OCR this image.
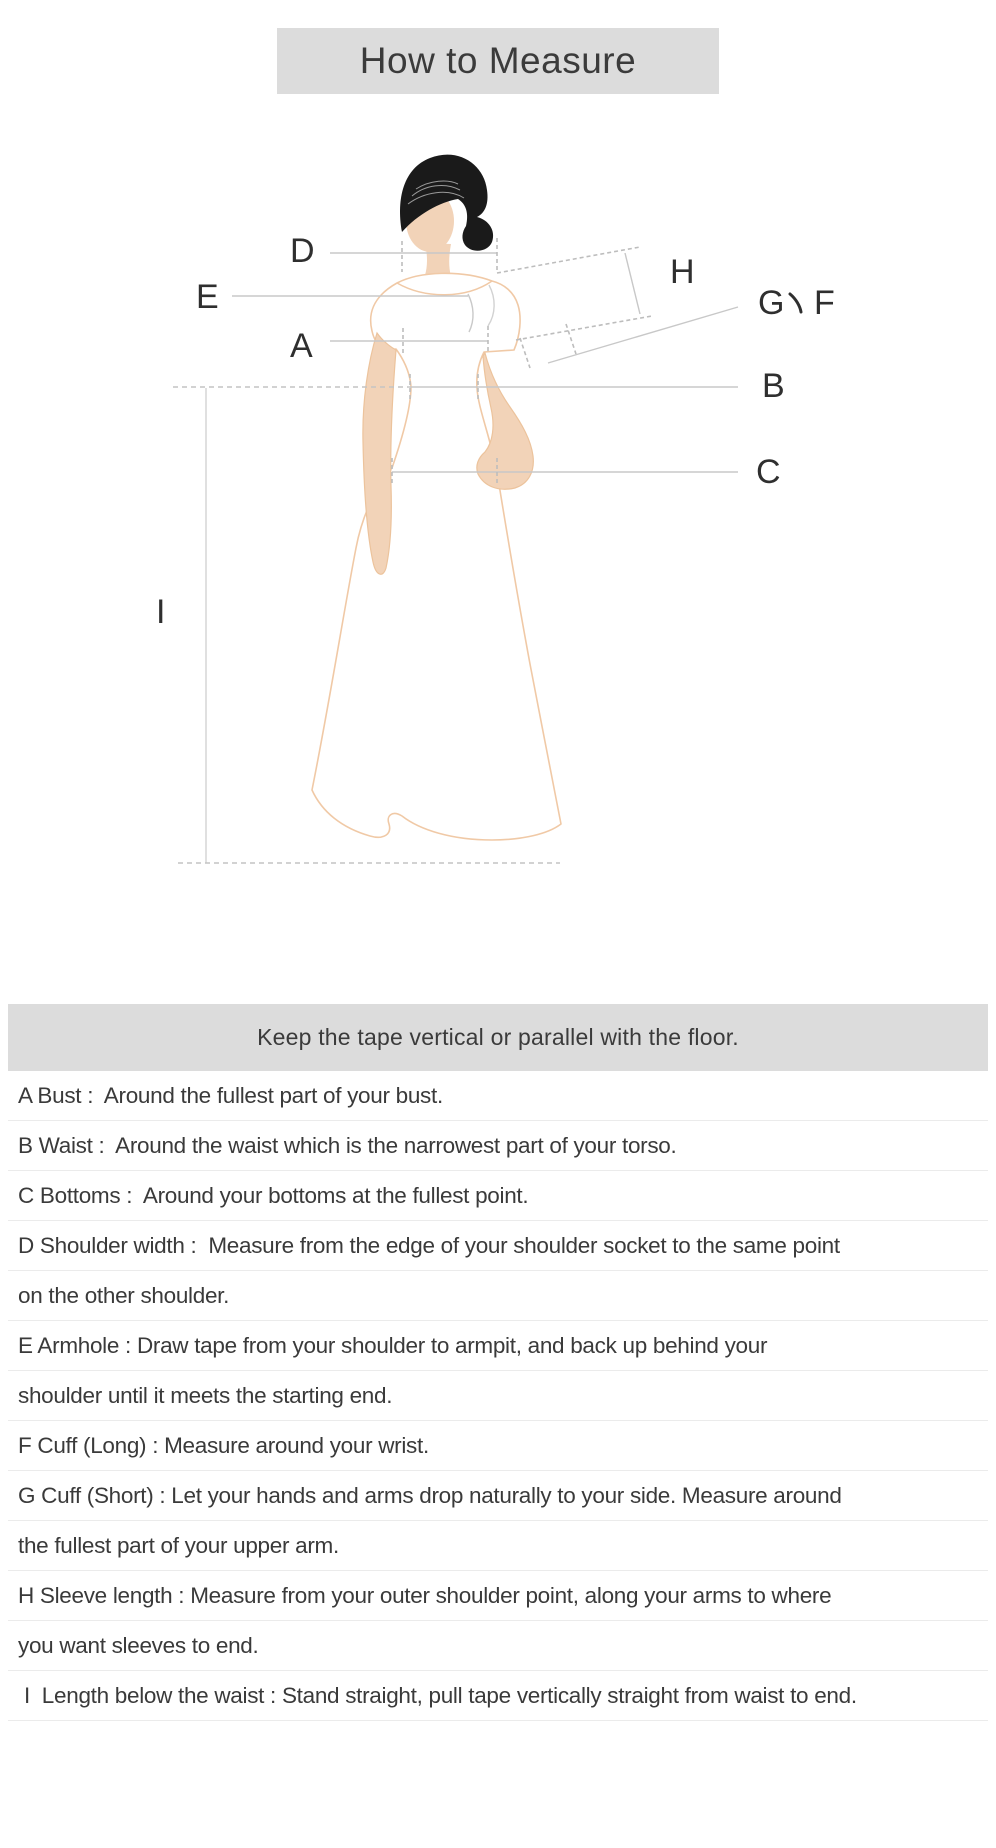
D
E
A
H
G F
B
C
I
How to Measure
Keep the tape vertical or parallel with the floor.
A Bust :  Around the fullest part of your bust.
B Waist :  Around the waist which is the narrowest part of your torso.
C Bottoms :  Around your bottoms at the fullest point.
D Shoulder width :  Measure from the edge of your shoulder socket to the same point
on the other shoulder.
E Armhole : Draw tape from your shoulder to armpit, and back up behind your
shoulder until it meets the starting end.
F Cuff (Long) : Measure around your wrist.
G Cuff (Short) : Let your hands and arms drop naturally to your side. Measure around
the fullest part of your upper arm.
H Sleeve length : Measure from your outer shoulder point, along your arms to where
you want sleeves to end.
I  Length below the waist : Stand straight, pull tape vertically straight from waist to end.
